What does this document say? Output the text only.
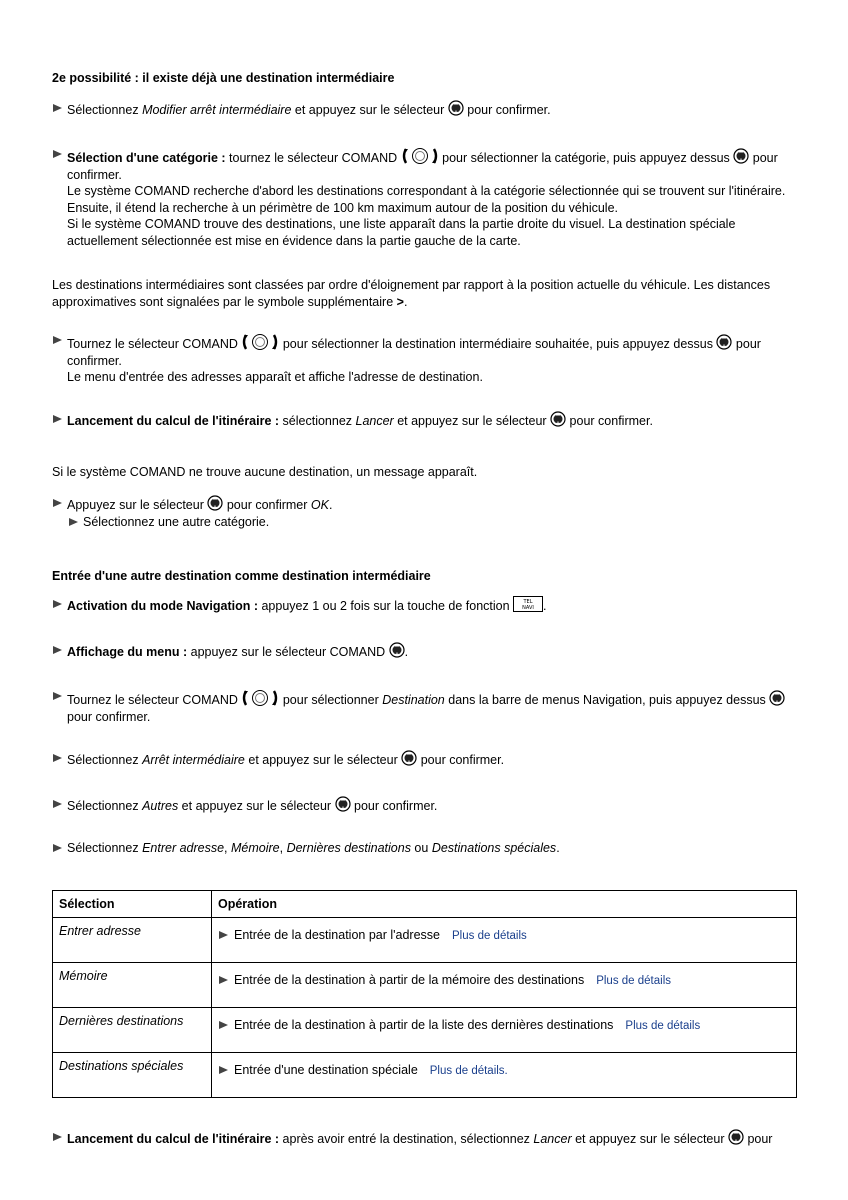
2e possibilité : il existe déjà une destination intermédiaire
Sélectionnez Modifier arrêt intermédiaire et appuyez sur le sélecteur  pour confirmer.
Sélection d'une catégorie : tournez le sélecteur COMAND	pour sélectionner la catégorie, puis appuyez dessus  pour confirmer.
Le système COMAND recherche d'abord les destinations correspondant à la catégorie sélectionnée qui se trouvent sur l'itinéraire. Ensuite, il étend la recherche à un périmètre de 100 km maximum autour de la position du véhicule.
Si le système COMAND trouve des destinations, une liste apparaît dans la partie droite du visuel. La destination spéciale actuellement sélectionnée est mise en évidence dans la partie gauche de la carte.
Les destinations intermédiaires sont classées par ordre d'éloignement par rapport à la position actuelle du véhicule. Les distances approximatives sont signalées par le symbole supplémentaire >.
Tournez le sélecteur COMAND	pour sélectionner la destination intermédiaire souhaitée, puis appuyez dessus  pour confirmer.
Le menu d'entrée des adresses apparaît et affiche l'adresse de destination.
Lancement du calcul de l'itinéraire : sélectionnez Lancer et appuyez sur le sélecteur  pour confirmer.
Si le système COMAND ne trouve aucune destination, un message apparaît.
Appuyez sur le sélecteur  pour confirmer OK.
Sélectionnez une autre catégorie.
Entrée d'une autre destination comme destination intermédiaire
Activation du mode Navigation : appuyez 1 ou 2 fois sur la touche de fonction TEL
NAVI .
Affichage du menu : appuyez sur le sélecteur COMAND .
Tournez le sélecteur COMAND	pour sélectionner Destination dans la barre de menus Navigation, puis appuyez dessus  pour confirmer.
Sélectionnez Arrêt intermédiaire et appuyez sur le sélecteur  pour confirmer.
Sélectionnez Autres et appuyez sur le sélecteur  pour confirmer.
Sélectionnez Entrer adresse, Mémoire, Dernières destinations ou Destinations spéciales.
Sélection	Opération
Entrer adresse	Entrée de la destination par l'adresse Plus de détails

Mémoire	Entrée de la destination à partir de la mémoire des destinations Plus de détails

Dernières destinations	Entrée de la destination à partir de la liste des dernières destinations Plus de détails

Destinations spéciales	Entrée d'une destination spéciale Plus de détails.
Lancement du calcul de l'itinéraire : après avoir entré la destination, sélectionnez Lancer et appuyez sur le sélecteur  pour
